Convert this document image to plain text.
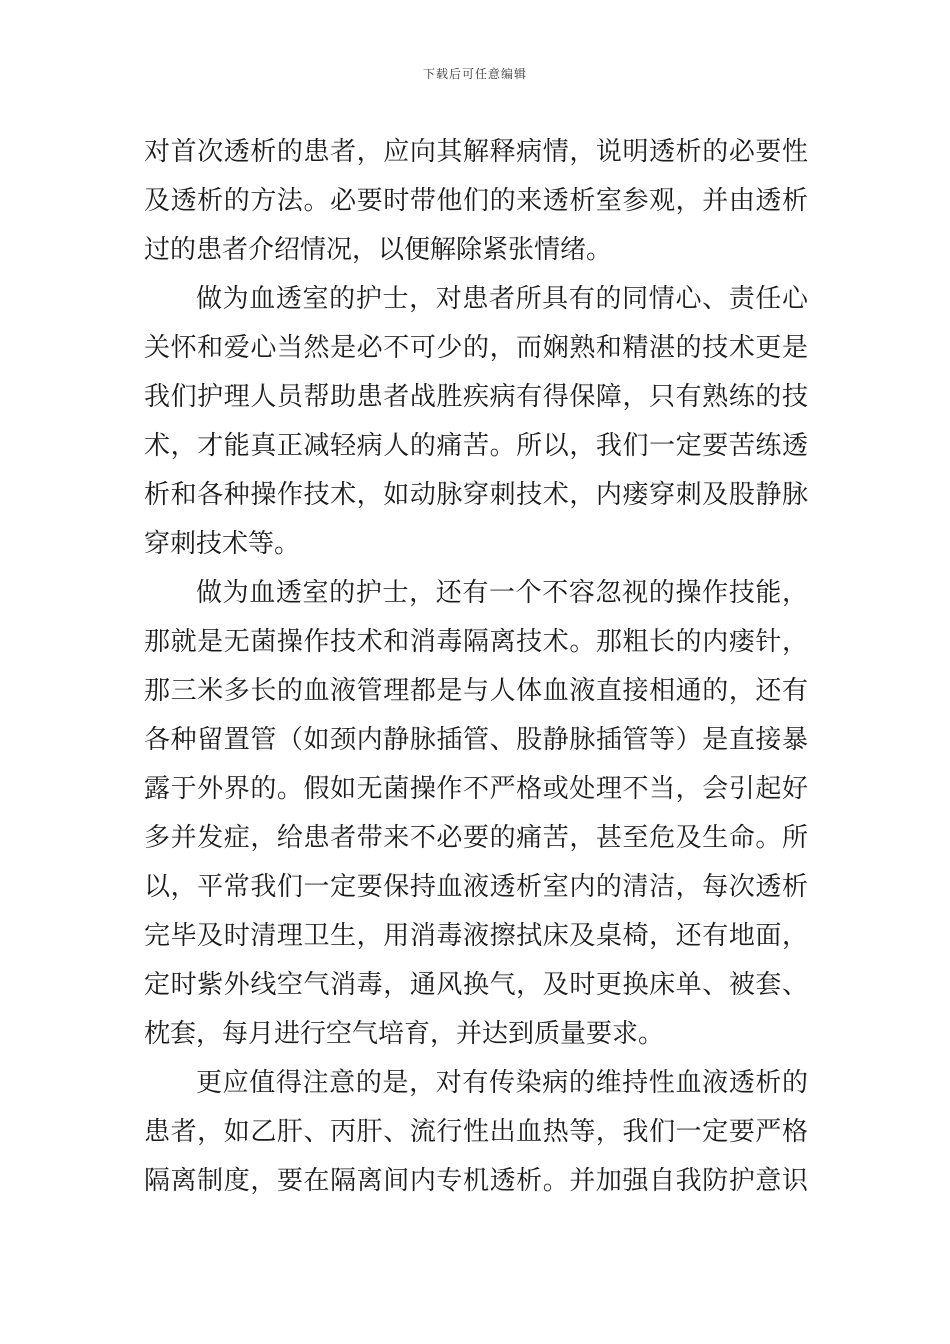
下载后可任意编辑
对首次透析的患者，应向其解释病情，说明透析的必要性
及透析的方法。必要时带他们的来透析室参观，并由透析
过的患者介绍情况，以便解除紧张情绪。
做为血透室的护士，对患者所具有的同情心、责任心
关怀和爱心当然是必不可少的，而娴熟和精湛的技术更是
我们护理人员帮助患者战胜疾病有得保障，只有熟练的技
术，才能真正减轻病人的痛苦。所以，我们一定要苦练透
析和各种操作技术，如动脉穿刺技术，内瘘穿刺及股静脉
穿刺技术等。
做为血透室的护士，还有一个不容忽视的操作技能，
那就是无菌操作技术和消毒隔离技术。那粗长的内瘘针，
那三米多长的血液管理都是与人体血液直接相通的，还有
各种留置管（如颈内静脉插管、股静脉插管等）是直接暴
露于外界的。假如无菌操作不严格或处理不当，会引起好
多并发症，给患者带来不必要的痛苦，甚至危及生命。所
以，平常我们一定要保持血液透析室内的清洁，每次透析
完毕及时清理卫生，用消毒液擦拭床及桌椅，还有地面，
定时紫外线空气消毒，通风换气，及时更换床单、被套、
枕套，每月进行空气培育，并达到质量要求。
更应值得注意的是，对有传染病的维持性血液透析的
患者，如乙肝、丙肝、流行性出血热等，我们一定要严格
隔离制度，要在隔离间内专机透析。并加强自我防护意识
